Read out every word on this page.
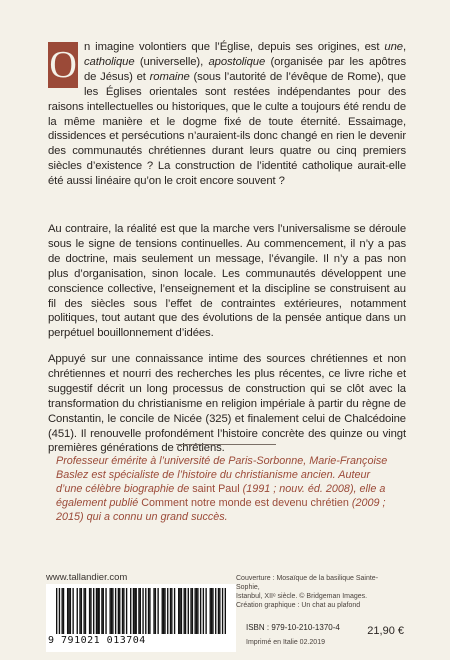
O n imagine volontiers que l’Église, depuis ses origines, est une, catholique (universelle), apostolique (organisée par les apôtres de Jésus) et romaine (sous l’autorité de l’évêque de Rome), que les Églises orientales sont restées indépendantes pour des raisons intellectuelles ou historiques, que le culte a toujours été rendu de la même manière et le dogme fixé de toute éternité. Essaimage, dissidences et persécutions n’auraient-ils donc changé en rien le devenir des communautés chrétiennes durant leurs quatre ou cinq premiers siècles d’existence ? La construction de l’identité catholique aurait-elle été aussi linéaire qu’on le croit encore souvent ?
Au contraire, la réalité est que la marche vers l’universalisme se déroule sous le signe de tensions continuelles. Au commencement, il n’y a pas de doctrine, mais seulement un message, l’évangile. Il n’y a pas non plus d’organisation, sinon locale. Les communautés développent une conscience collective, l’enseignement et la discipline se construisent au fil des siècles sous l’effet de contraintes extérieures, notamment politiques, tout autant que des évolutions de la pensée antique dans un perpétuel bouillonnement d’idées.
Appuyé sur une connaissance intime des sources chrétiennes et non chrétiennes et nourri des recherches les plus récentes, ce livre riche et suggestif décrit un long processus de construction qui se clôt avec la transformation du christianisme en religion impériale à partir du règne de Constantin, le concile de Nicée (325) et finalement celui de Chalcédoine (451). Il renouvelle profondément l’histoire concrète des quinze ou vingt premières générations de chrétiens.
Professeur émérite à l’université de Paris-Sorbonne, Marie-Françoise Baslez est spécialiste de l’histoire du christianisme ancien. Auteur d’une célèbre biographie de saint Paul (1991 ; nouv. éd. 2008), elle a également publié Comment notre monde est devenu chrétien (2009 ; 2015) qui a connu un grand succès.
www.tallandier.com	Couverture : Mosaïque de la basilique Sainte-Sophie,
Istanbul, XIIᵉ siècle. © Bridgeman Images.
Création graphique : Un chat au plafond
9 791021 013704
ISBN : 979-10-210-1370-4
Imprimé en Italie 02.2019
21,90 €
